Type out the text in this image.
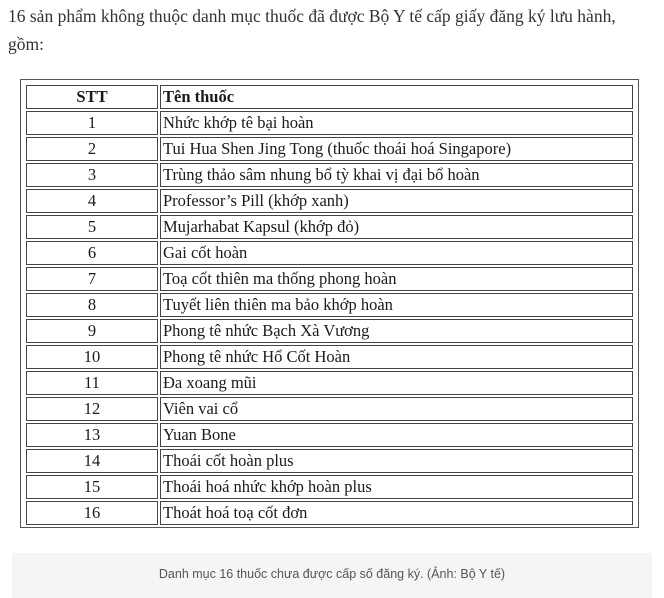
16 sản phẩm không thuộc danh mục thuốc đã được Bộ Y tế cấp giấy đăng ký lưu hành, gồm:

STT	Tên thuốc
1	Nhức khớp tê bại hoàn
2	Tui Hua Shen Jing Tong (thuốc thoái hoá Singapore)
3	Trùng thảo sâm nhung bổ tỳ khai vị đại bổ hoàn
4	Professor’s Pill (khớp xanh)
5	Mujarhabat Kapsul (khớp đỏ)
6	Gai cốt hoàn
7	Toạ cốt thiên ma thống phong hoàn
8	Tuyết liên thiên ma bảo khớp hoàn
9	Phong tê nhức Bạch Xà Vương
10	Phong tê nhức Hổ Cốt Hoàn
11	Đa xoang mũi
12	Viên vai cổ
13	Yuan Bone
14	Thoái cốt hoàn plus
15	Thoái hoá nhức khớp hoàn plus
16	Thoát hoá toạ cốt đơn
Danh mục 16 thuốc chưa được cấp số đăng ký. (Ảnh: Bộ Y tế)
